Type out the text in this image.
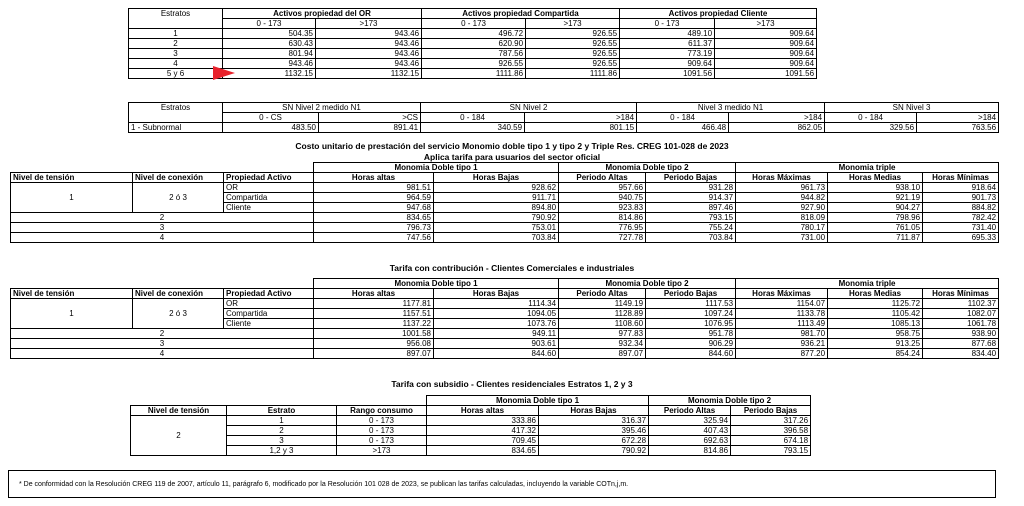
Estratos	Activos propiedad del OR		Activos propiedad Compartida		Activos propiedad Cliente	
	0 - 173	>173	0 - 173	>173	0 - 173	>173
1	504.35	943.46	496.72	926.55	489.10	909.64
2	630.43	943.46	620.90	926.55	611.37	909.64
3	801.94	943.46	787.56	926.55	773.19	909.64
4	943.46	943.46	926.55	926.55	909.64	909.64
5 y 6	1132.15	1132.15	1111.86	1111.86	1091.56	1091.56
Estratos	SN Nivel 2 medido N1		SN Nivel 2		Nivel 3 medido N1		SN Nivel 3	
	0 - CS	>CS	0 - 184	>184	0 - 184	>184	0 - 184	>184
1 - Subnormal	483.50	891.41	340.59	801.15	466.48	862.05	329.56	763.56
Costo unitario de prestación del servicio Monomio doble tipo 1 y tipo 2 y Triple Res. CREG 101-028 de 2023
Aplica tarifa para usuarios del sector oficial
			Monomia Doble tipo 1		Monomia Doble tipo 2		Monomia triple		
Nivel de tensión	Nivel de conexión	Propiedad Activo	Horas altas	Horas Bajas	Periodo Altas	Periodo Bajas	Horas Máximas	Horas Medias	Horas Mínimas
1	2 ó 3	OR	981.51	928.62	957.66	931.28	961.73	938.10	918.64
		Compartida	964.59	911.71	940.75	914.37	944.82	921.19	901.73
		Cliente	947.68	894.80	923.83	897.46	927.90	904.27	884.82
2			834.65	790.92	814.86	793.15	818.09	798.96	782.42
3			796.73	753.01	776.95	755.24	780.17	761.05	731.40
4			747.56	703.84	727.78	703.84	731.00	711.87	695.33
Tarifa con contribución - Clientes Comerciales e industriales
			Monomia Doble tipo 1		Monomia Doble tipo 2		Monomia triple		
Nivel de tensión	Nivel de conexión	Propiedad Activo	Horas altas	Horas Bajas	Periodo Altas	Periodo Bajas	Horas Máximas	Horas Medias	Horas Mínimas
1	2 ó 3	OR	1177.81	1114.34	1149.19	1117.53	1154.07	1125.72	1102.37
		Compartida	1157.51	1094.05	1128.89	1097.24	1133.78	1105.42	1082.07
		Cliente	1137.22	1073.76	1108.60	1076.95	1113.49	1085.13	1061.78
2			1001.58	949.11	977.83	951.78	981.70	958.75	938.90
3			956.08	903.61	932.34	906.29	936.21	913.25	877.68
4			897.07	844.60	897.07	844.60	877.20	854.24	834.40
Tarifa con subsidio - Clientes residenciales Estratos 1, 2 y 3
			Monomia Doble tipo 1		Monomia Doble tipo 2	
Nivel de tensión	Estrato	Rango consumo	Horas altas	Horas Bajas	Periodo Altas	Periodo Bajas
2	1	0 - 173	333.86	316.37	325.94	317.26
	2	0 - 173	417.32	395.46	407.43	396.58
	3	0 - 173	709.45	672.28	692.63	674.18
	1,2 y 3	>173	834.65	790.92	814.86	793.15
* De conformidad con la Resolución CREG 119 de 2007, artículo 11, parágrafo 6, modificado por la Resolución 101 028 de 2023, se publican las tarifas calculadas, incluyendo la variable COTn,j,m.
